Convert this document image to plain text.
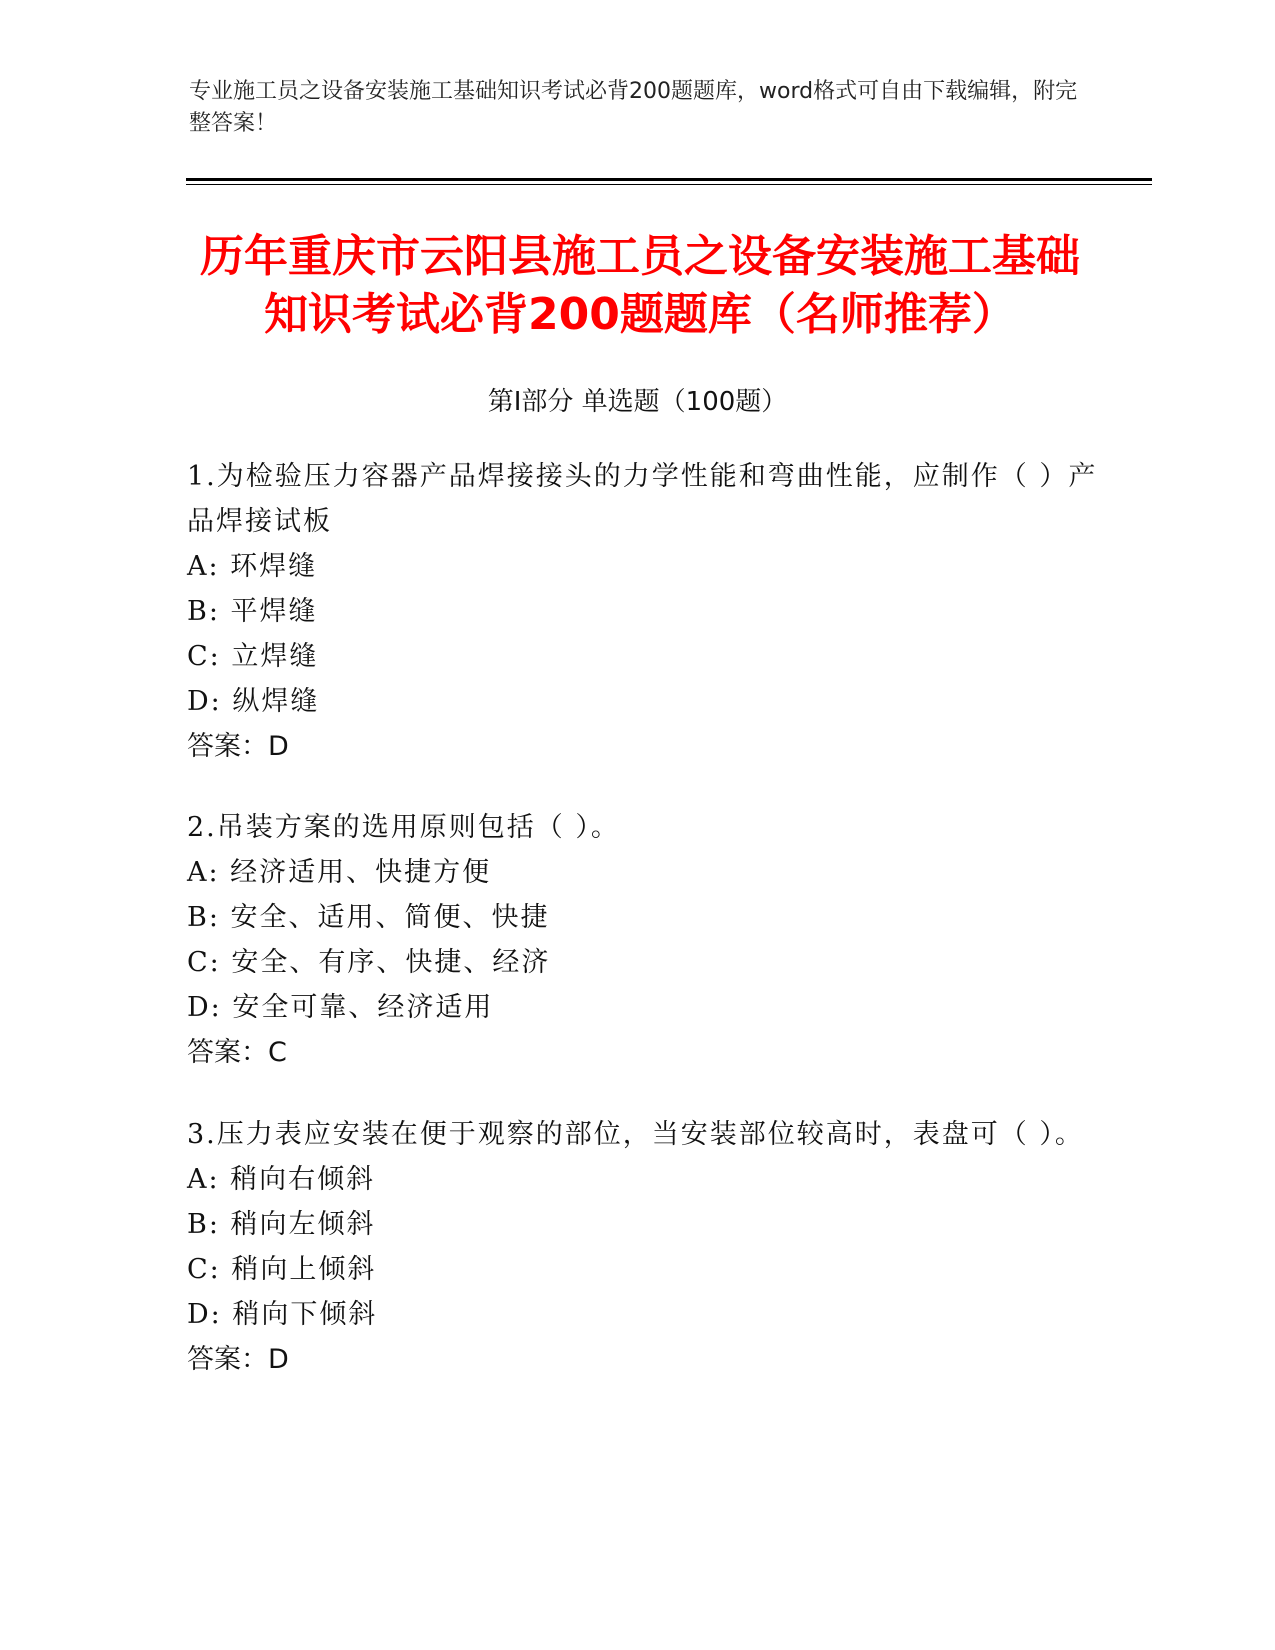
专业施工员之设备安装施工基础知识考试必背200题题库，word格式可自由下载编辑，附完整答案！
历年重庆市云阳县施工员之设备安装施工基础知识考试必背200题题库（名师推荐）
第I部分 单选题（100题）

1.为检验压力容器产品焊接接头的力学性能和弯曲性能，应制作（ ）产品焊接试板

A: 环焊缝

B: 平焊缝

C: 立焊缝

D: 纵焊缝

答案：D

2.吊装方案的选用原则包括（ ）。

A: 经济适用、快捷方便

B: 安全、适用、简便、快捷

C: 安全、有序、快捷、经济

D: 安全可靠、经济适用

答案：C

3.压力表应安装在便于观察的部位，当安装部位较高时，表盘可（ ）。

A: 稍向右倾斜

B: 稍向左倾斜

C: 稍向上倾斜

D: 稍向下倾斜

答案：D
